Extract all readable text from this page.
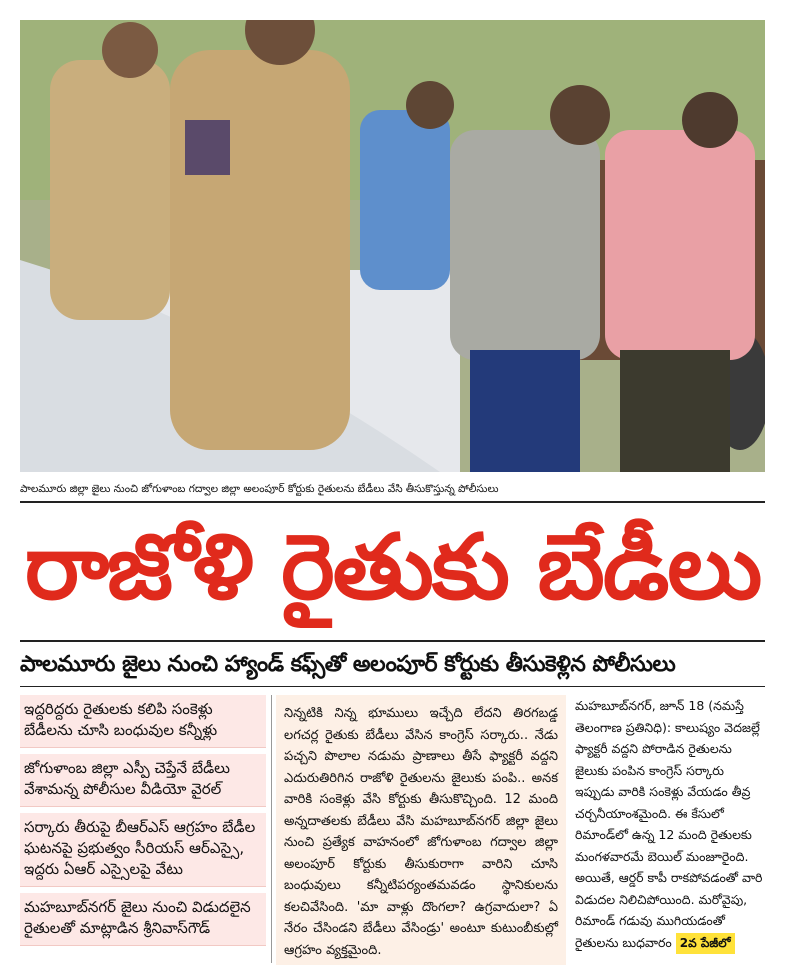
పాలమూరు జిల్లా జైలు నుంచి జోగుళాంబ గద్వాల జిల్లా అలంపూర్ కోర్టుకు రైతులను బేడీలు వేసి తీసుకొస్తున్న పోలీసులు
రాజోళి రైతుకు బేడీలు
పాలమూరు జైలు నుంచి హ్యాండ్ కఫ్స్‌తో అలంపూర్ కోర్టుకు తీసుకెళ్లిన పోలీసులు
ఇద్దరిద్దరు రైతులకు కలిపి సంకెళ్లు బేడీలను చూసి బంధువుల కన్నీళ్లు
జోగుళాంబ జిల్లా ఎస్పీ చెప్తేనే బేడీలు వేశామన్న పోలీసుల వీడియో వైరల్
సర్కారు తీరుపై బీఆర్ఎస్ ఆగ్రహం బేడీల ఘటనపై ప్రభుత్వం సీరియస్ ఆర్ఎస్సై, ఇద్దరు ఏఆర్ ఎస్సైలపై వేటు
మహబూబ్‌నగర్ జైలు నుంచి విడుదలైన రైతులతో మాట్లాడిన శ్రీనివాస్‌గౌడ్

నిన్నటికి నిన్న భూములు ఇచ్చేది లేదని తిరగబడ్డ లగచర్ల రైతుకు బేడీలు వేసిన కాంగ్రెస్ సర్కారు.. నేడు పచ్చని పొలాల నడుమ ప్రాణాలు తీసే ఫ్యాక్టరీ వద్దని ఎదురుతిరిగిన రాజోళి రైతులను జైలుకు పంపి.. అనక వారికి సంకెళ్లు వేసి కోర్టుకు తీసుకొచ్చింది. 12 మంది అన్నదాతలకు బేడీలు వేసి మహబూబ్‌నగర్ జిల్లా జైలు నుంచి ప్రత్యేక వాహనంలో జోగుళాంబ గద్వాల జిల్లా అలంపూర్ కోర్టుకు తీసుకురాగా వారిని చూసి బంధువులు కన్నీటిపర్యంతమవడం స్థానికులను కలచివేసింది. 'మా వాళ్లు దొంగలా? ఉగ్రవాదులా? ఏ నేరం చేసిండని బేడీలు వేసిండ్రు' అంటూ కుటుంబీకుల్లో ఆగ్రహం వ్యక్తమైంది.

మహబూబ్‌నగర్, జూన్ 18 (నమస్తే తెలంగాణ ప్రతినిధి): కాలుష్యం వెదజల్లే ఫ్యాక్టరీ వద్దని పోరాడిన రైతులను జైలుకు పంపిన కాంగ్రెస్ సర్కారు ఇప్పుడు వారికి సంకెళ్లు వేయడం తీవ్ర చర్చనీయాంశమైంది. ఈ కేసులో రిమాండ్‌లో ఉన్న 12 మంది రైతులకు మంగళవారమే బెయిల్ మంజూరైంది. అయితే, ఆర్డర్ కాపీ రాకపోవడంతో వారి విడుదల నిలిచిపోయింది. మరోవైపు, రిమాండ్ గడువు ముగియడంతో రైతులను బుధవారం 2వ పేజీలో
